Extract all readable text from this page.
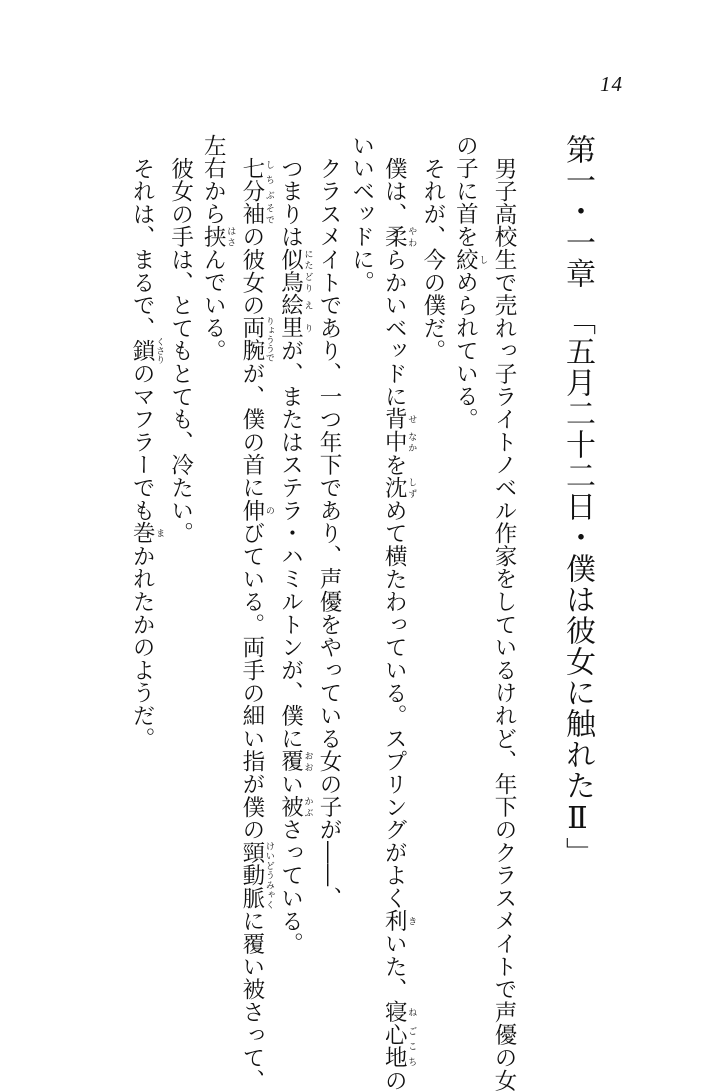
14
第一・一章　「五月二十二日・僕は彼女に触れたⅡ」
男子高校生で売れっ子ライトノベル作家をしているけれど、年下のクラスメイトで声優の女
の子に首を絞 しめられている。
それが、今の僕だ。
僕は、柔 やわらかいベッドに背 せ中 なかを沈 しずめて横たわっている。スプリングがよく利 きいた、寝 ね心地 ごこちの
いいベッドに。
クラスメイトであり、一つ年下であり、声優をやっている女の子が――、
つまりは似鳥 にたどり絵里 えりが、またはステラ・ハミルトンが、僕に覆 おおい被 かぶさっている。
七分 しちぶ袖 そでの彼女の両腕 りょううでが、僕の首に伸 のびている。両手の細い指が僕の頸動脈 けいどうみゃくに覆い被さって、
左右から挟 はさんでいる。
彼女の手は、とてもとても、冷たい。
それは、まるで、鎖 くさりのマフラーでも巻 まかれたかのようだ。
